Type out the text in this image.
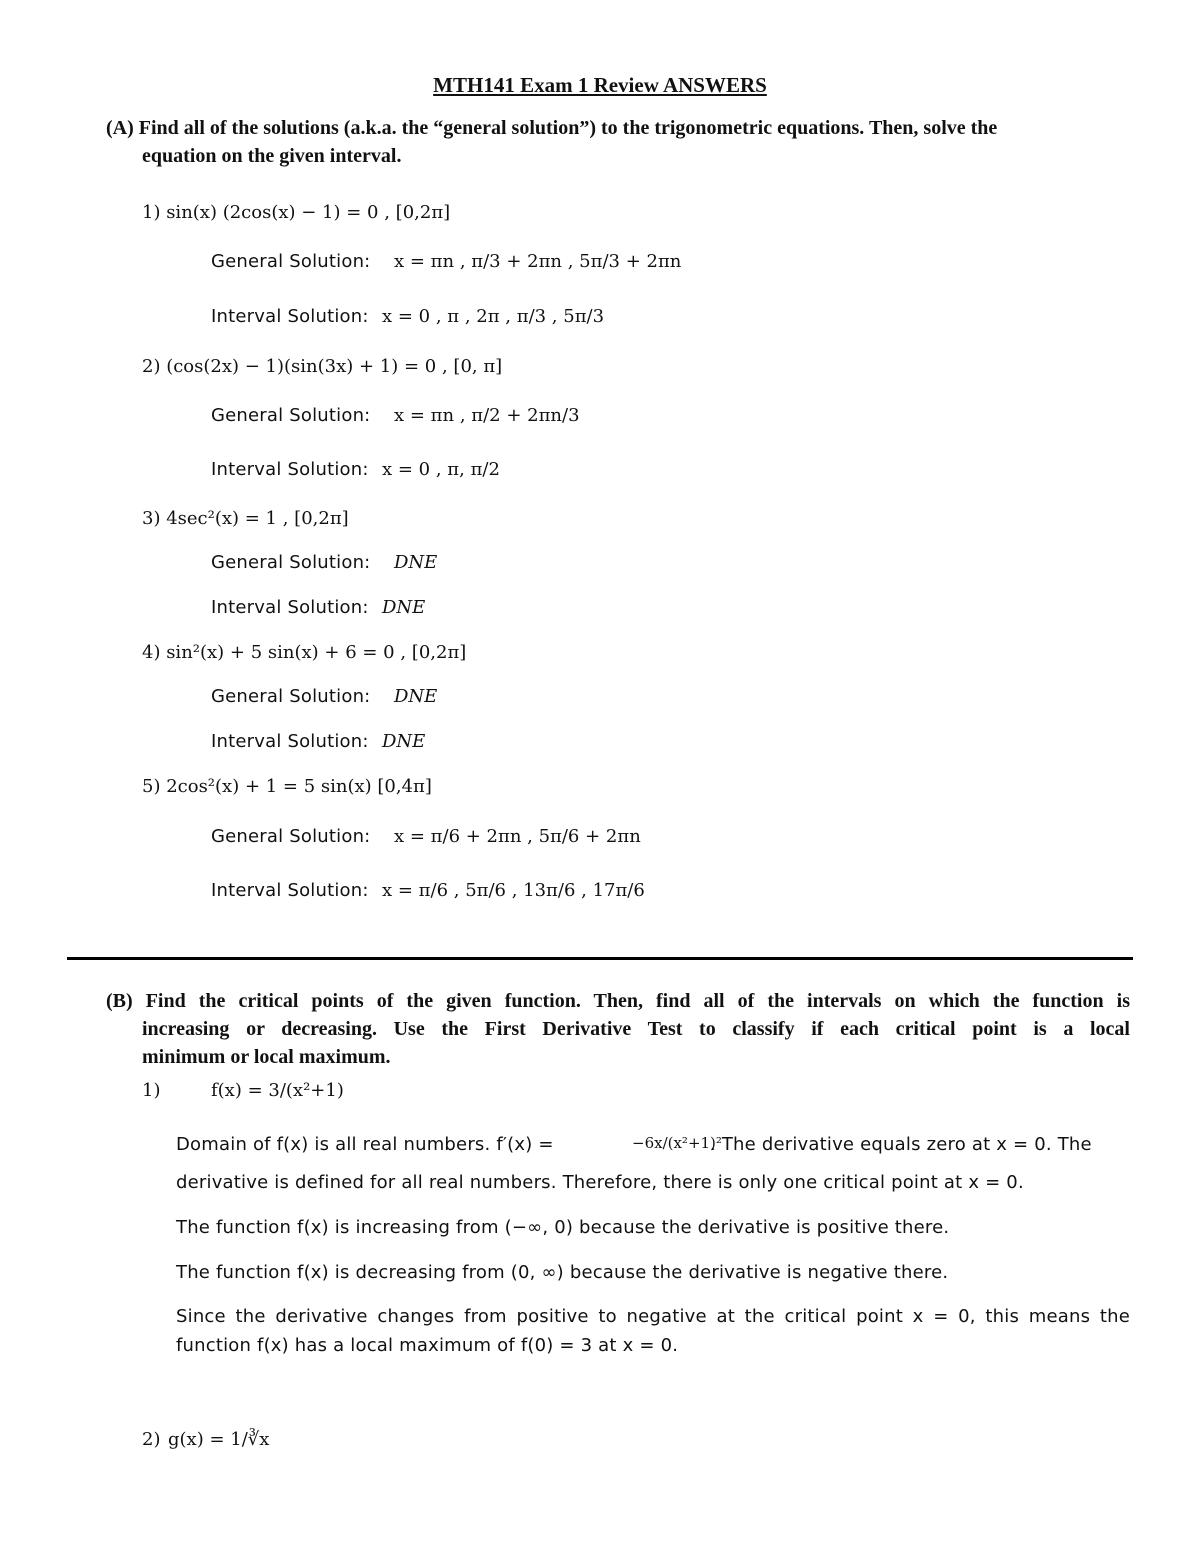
MTH141 Exam 1 Review ANSWERS
(A) Find all of the solutions (a.k.a. the “general solution”) to the trigonometric equations. Then, solve the
equation on the given interval.
1) sin(x) (2cos(x) − 1) = 0 , [0,2π]
General Solution: x = πn , π/3 + 2πn , 5π/3 + 2πn
Interval Solution: x = 0 , π , 2π , π/3 , 5π/3
2) (cos(2x) − 1)(sin(3x) + 1) = 0 , [0, π]
General Solution: x = πn , π/2 + 2πn/3
Interval Solution: x = 0 , π, π/2
3) 4sec²(x) = 1 , [0,2π]
General Solution: DNE
Interval Solution: DNE
4) sin²(x) + 5 sin(x) + 6 = 0 , [0,2π]
General Solution: DNE
Interval Solution: DNE
5) 2cos²(x) + 1 = 5 sin(x) [0,4π]
General Solution: x = π/6 + 2πn , 5π/6 + 2πn
Interval Solution: x = π/6 , 5π/6 , 13π/6 , 17π/6
(B) Find the critical points of the given function. Then, find all of the intervals on which the function is
increasing or decreasing. Use the First Derivative Test to classify if each critical point is a local
minimum or local maximum.
1)	f(x) = 3/(x²+1)
Domain of f(x) is all real numbers. f′(x) =	−6x/(x²+1)²
. The derivative equals zero at x = 0. The
derivative is defined for all real numbers. Therefore, there is only one critical point at x = 0.
The function f(x) is increasing from (−∞, 0) because the derivative is positive there.
The function f(x) is decreasing from (0, ∞) because the derivative is negative there.
Since the derivative changes from positive to negative at the critical point x = 0, this means the
function f(x) has a local maximum of f(0) = 3 at x = 0.
2) g(x) = 1/∛x
